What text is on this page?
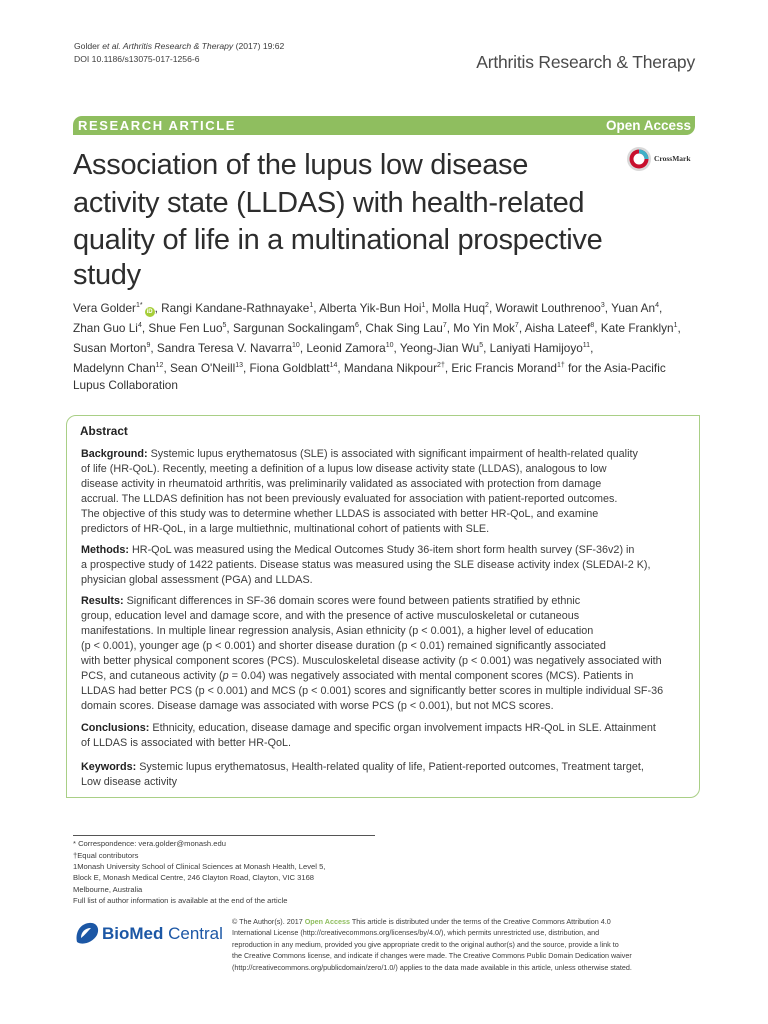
Golder et al. Arthritis Research & Therapy (2017) 19:62
DOI 10.1186/s13075-017-1256-6	Arthritis Research & Therapy
RESEARCH ARTICLE	Open Access
Association of the lupus low disease
activity state (LLDAS) with health-related
quality of life in a multinational prospective
study
CrossMark
Vera Golder$^{1*}$iD , Rangi Kandane-Rathnayake$^1$, Alberta Yik-Bun Hoi$^1$, Molla Huq$^2$, Worawit Louthrenoo$^3$, Yuan An$^4$,
Zhan Guo Li$^4$, Shue Fen Luo$^5$, Sargunan Sockalingam$^6$, Chak Sing Lau$^7$, Mo Yin Mok$^7$, Aisha Lateef$^8$, Kate Franklyn$^1$,
Susan Morton$^9$, Sandra Teresa V. Navarra$^{10}$, Leonid Zamora$^{10}$, Yeong-Jian Wu$^5$, Laniyati Hamijoyo$^{11}$,
Madelynn Chan$^{12}$, Sean O'Neill$^{13}$, Fiona Goldblatt$^{14}$, Mandana Nikpour$^{2\dagger}$, Eric Francis Morand$^{1\dagger}$ for the Asia-Pacific
Lupus Collaboration
Abstract
Background: Systemic lupus erythematosus (SLE) is associated with significant impairment of health-related quality
of life (HR-QoL). Recently, meeting a definition of a lupus low disease activity state (LLDAS), analogous to low
disease activity in rheumatoid arthritis, was preliminarily validated as associated with protection from damage
accrual. The LLDAS definition has not been previously evaluated for association with patient-reported outcomes.
The objective of this study was to determine whether LLDAS is associated with better HR-QoL, and examine
predictors of HR-QoL, in a large multiethnic, multinational cohort of patients with SLE.
Methods: HR-QoL was measured using the Medical Outcomes Study 36-item short form health survey (SF-36v2) in
a prospective study of 1422 patients. Disease status was measured using the SLE disease activity index (SLEDAI-2 K),
physician global assessment (PGA) and LLDAS.
Results: Significant differences in SF-36 domain scores were found between patients stratified by ethnic
group, education level and damage score, and with the presence of active musculoskeletal or cutaneous
manifestations. In multiple linear regression analysis, Asian ethnicity (p < 0.001), a higher level of education
(p < 0.001), younger age (p < 0.001) and shorter disease duration (p < 0.01) remained significantly associated
with better physical component scores (PCS). Musculoskeletal disease activity (p < 0.001) was negatively associated with
PCS, and cutaneous activity (p = 0.04) was negatively associated with mental component scores (MCS). Patients in
LLDAS had better PCS (p < 0.001) and MCS (p < 0.001) scores and significantly better scores in multiple individual SF-36
domain scores. Disease damage was associated with worse PCS (p < 0.001), but not MCS scores.
Conclusions: Ethnicity, education, disease damage and specific organ involvement impacts HR-QoL in SLE. Attainment
of LLDAS is associated with better HR-QoL.
Keywords: Systemic lupus erythematosus, Health-related quality of life, Patient-reported outcomes, Treatment target,
Low disease activity
* Correspondence: vera.golder@monash.edu
†Equal contributors
1Monash University School of Clinical Sciences at Monash Health, Level 5,
Block E, Monash Medical Centre, 246 Clayton Road, Clayton, VIC 3168
Melbourne, Australia
Full list of author information is available at the end of the article
BioMed Central
© The Author(s). 2017 Open Access This article is distributed under the terms of the Creative Commons Attribution 4.0
International License (http://creativecommons.org/licenses/by/4.0/), which permits unrestricted use, distribution, and
reproduction in any medium, provided you give appropriate credit to the original author(s) and the source, provide a link to
the Creative Commons license, and indicate if changes were made. The Creative Commons Public Domain Dedication waiver
(http://creativecommons.org/publicdomain/zero/1.0/) applies to the data made available in this article, unless otherwise stated.
